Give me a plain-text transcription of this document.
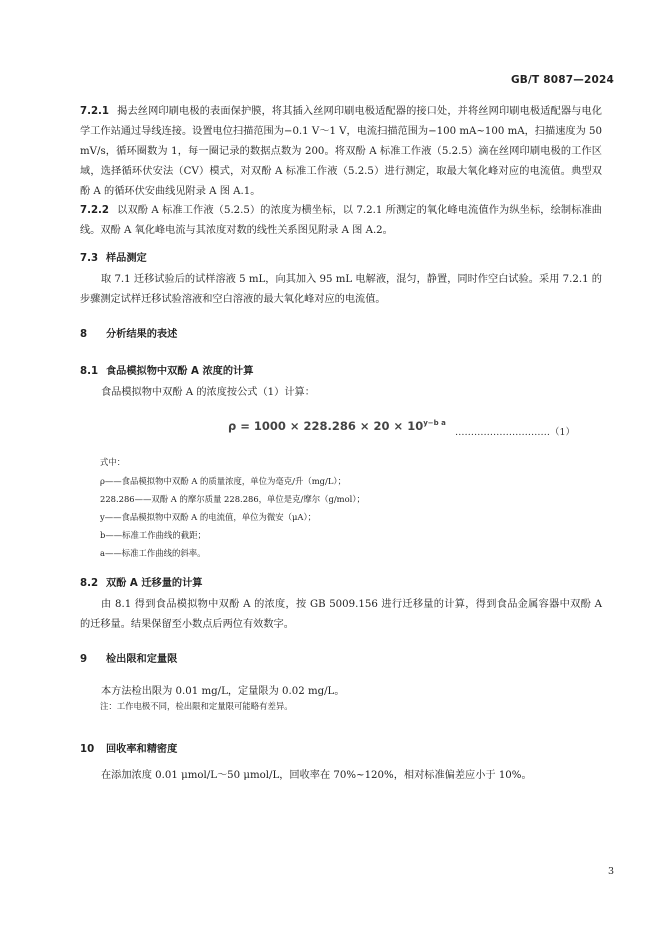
GB/T 8087—2024

7.2.1 揭去丝网印刷电极的表面保护膜，将其插入丝网印刷电极适配器的接口处，并将丝网印刷电极适配器与电化学工作站通过导线连接。设置电位扫描范围为−0.1 V～1 V，电流扫描范围为−100 mA~100 mA，扫描速度为 50 mV/s，循环圈数为 1，每一圈记录的数据点数为 200。将双酚 A 标准工作液（5.2.5）滴在丝网印刷电极的工作区域，选择循环伏安法（CV）模式，对双酚 A 标准工作液（5.2.5）进行测定，取最大氧化峰对应的电流值。典型双酚 A 的循环伏安曲线见附录 A 图 A.1。

7.2.2 以双酚 A 标准工作液（5.2.5）的浓度为横坐标，以 7.2.1 所测定的氧化峰电流值作为纵坐标，绘制标准曲线。双酚 A 氧化峰电流与其浓度对数的线性关系图见附录 A 图 A.2。

7.3 样品测定

取 7.1 迁移试验后的试样溶液 5 mL，向其加入 95 mL 电解液，混匀，静置，同时作空白试验。采用 7.2.1 的步骤测定试样迁移试验溶液和空白溶液的最大氧化峰对应的电流值。

8 分析结果的表述

8.1 食品模拟物中双酚 A 浓度的计算

食品模拟物中双酚 A 的浓度按公式（1）计算：

$\rho = 1000 \times 228.286 \times 20 \times 10^{y-b a}$
…………………………（1）

式中：

ρ——食品模拟物中双酚 A 的质量浓度，单位为毫克/升（mg/L）；

228.286——双酚 A 的摩尔质量 228.286，单位是克/摩尔（g/mol）；

y——食品模拟物中双酚 A 的电流值，单位为微安（μA）；

b——标准工作曲线的截距；

a——标准工作曲线的斜率。

8.2 双酚 A 迁移量的计算

由 8.1 得到食品模拟物中双酚 A 的浓度，按 GB 5009.156 进行迁移量的计算，得到食品金属容器中双酚 A 的迁移量。结果保留至小数点后两位有效数字。

9 检出限和定量限

本方法检出限为 0.01 mg/L，定量限为 0.02 mg/L。

注：工作电极不同，检出限和定量限可能略有差异。

10 回收率和精密度

在添加浓度 0.01 μmol/L～50 μmol/L，回收率在 70%~120%，相对标准偏差应小于 10%。

3
